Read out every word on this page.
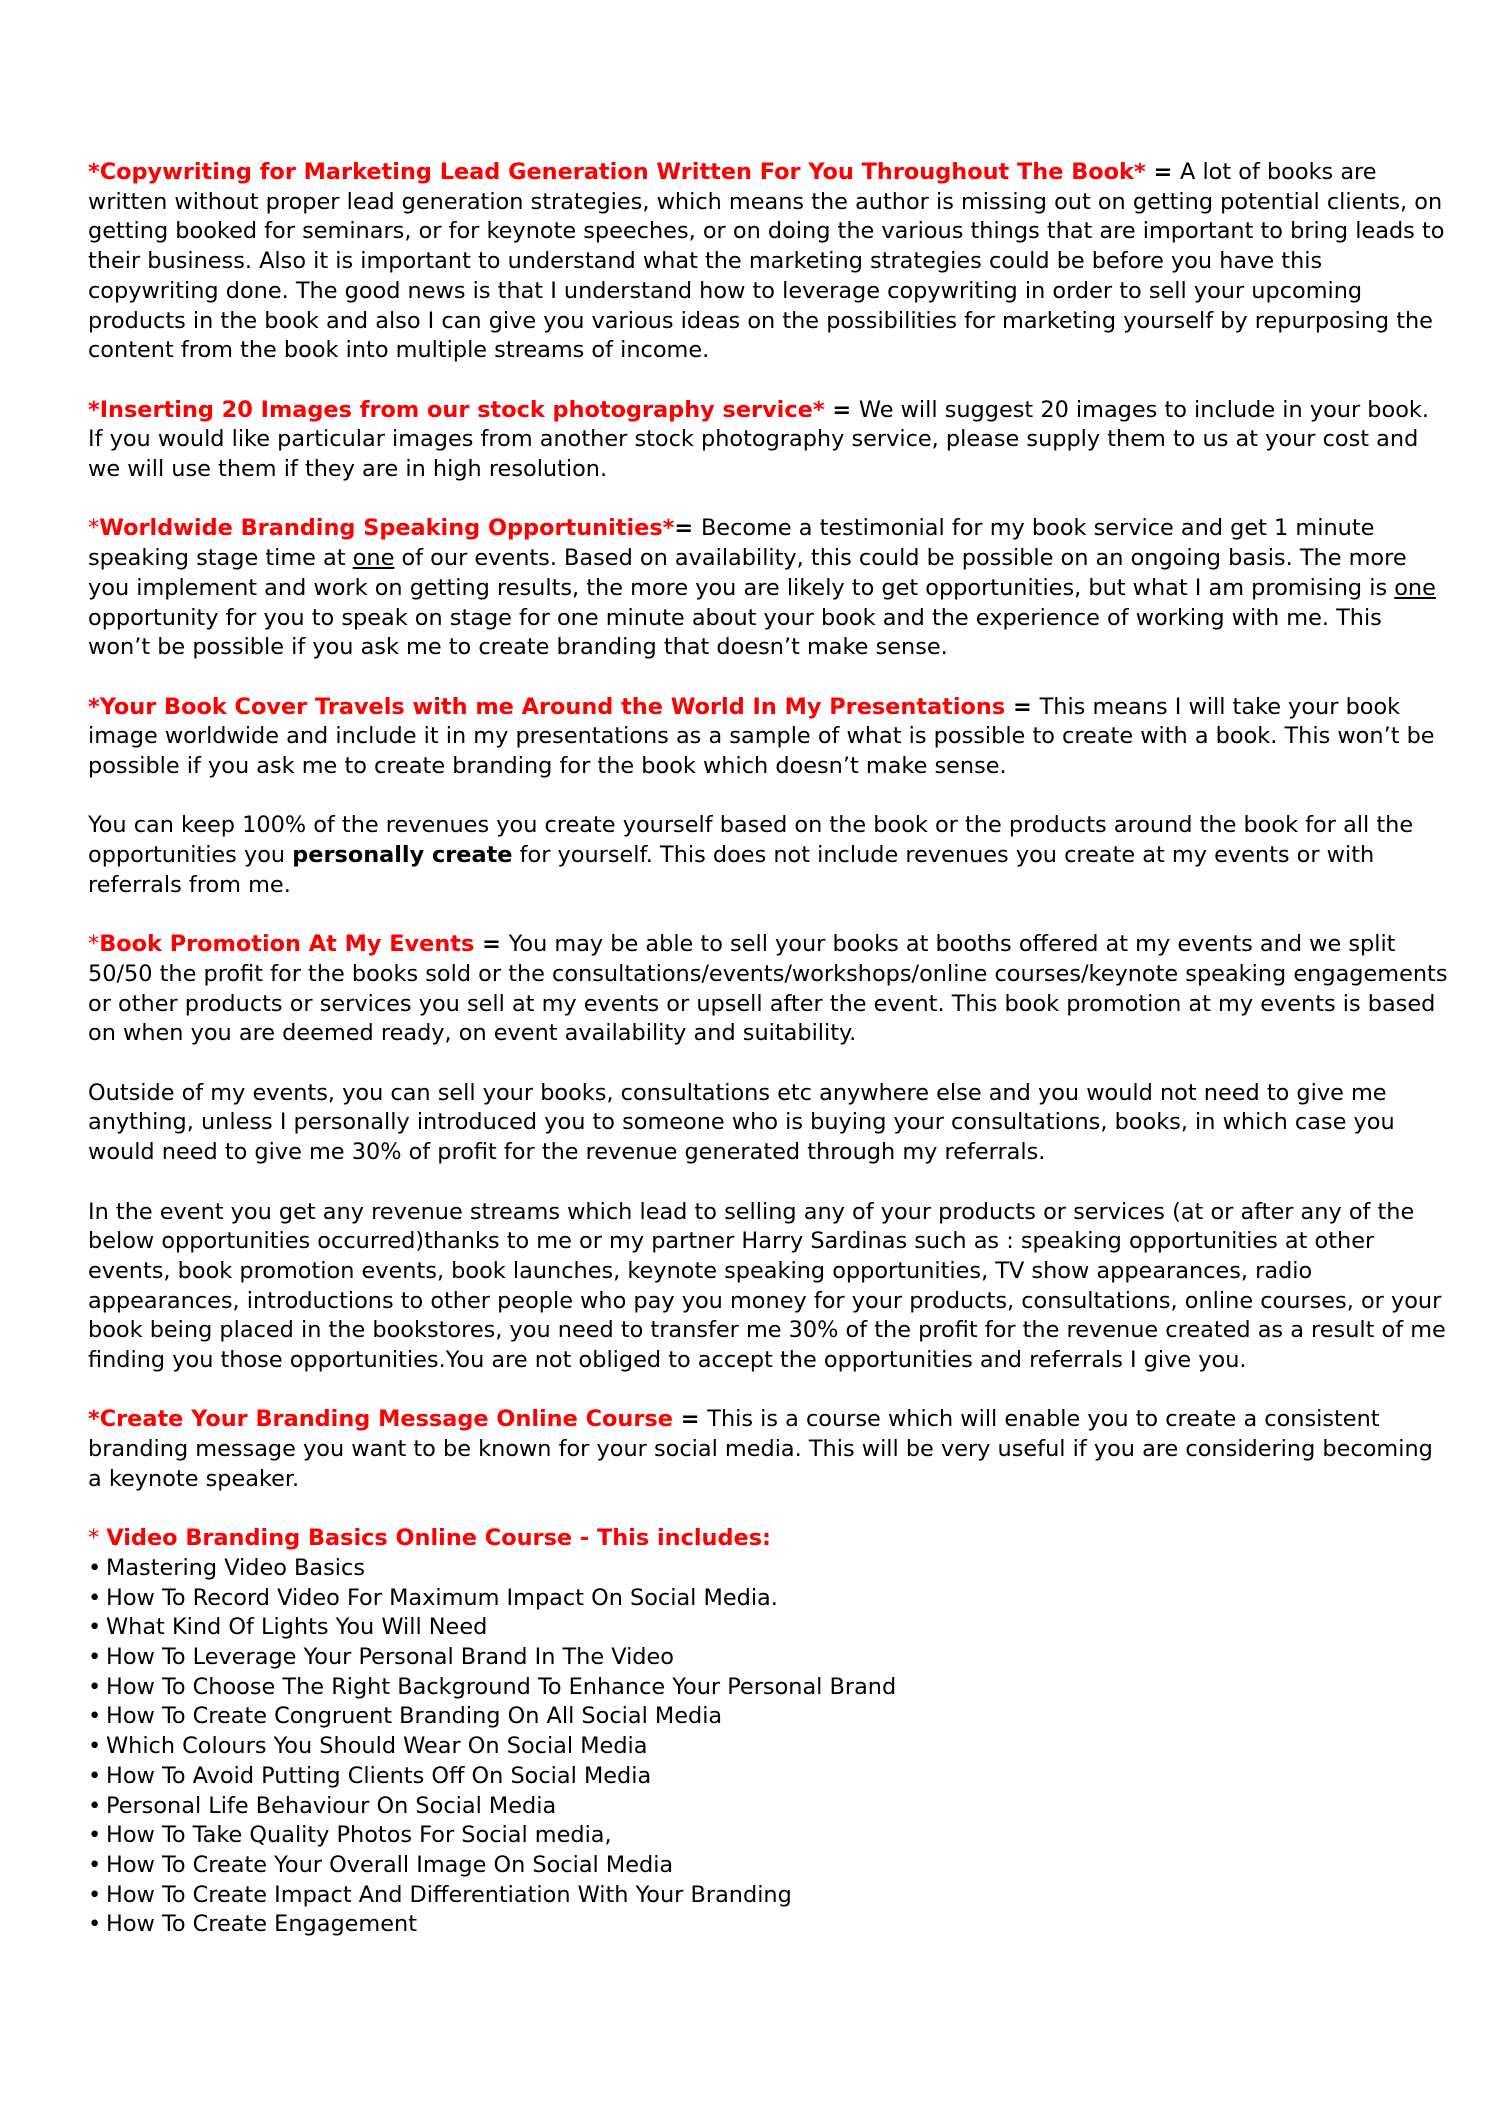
*Copywriting for Marketing Lead Generation Written For You Throughout The Book* = A lot of books are written without proper lead generation strategies, which means the author is missing out on getting potential clients, on getting booked for seminars, or for keynote speeches, or on doing the various things that are important to bring leads to their business. Also it is important to understand what the marketing strategies could be before you have this copywriting done. The good news is that I understand how to leverage copywriting in order to sell your upcoming products in the book and also I can give you various ideas on the possibilities for marketing yourself by repurposing the content from the book into multiple streams of income.

*Inserting 20 Images from our stock photography service* = We will suggest 20 images to include in your book. If you would like particular images from another stock photography service, please supply them to us at your cost and we will use them if they are in high resolution.

*Worldwide Branding Speaking Opportunities*= Become a testimonial for my book service and get 1 minute speaking stage time at one of our events. Based on availability, this could be possible on an ongoing basis. The more you implement and work on getting results, the more you are likely to get opportunities, but what I am promising is one opportunity for you to speak on stage for one minute about your book and the experience of working with me. This won’t be possible if you ask me to create branding that doesn’t make sense.

*Your Book Cover Travels with me Around the World In My Presentations = This means I will take your book image worldwide and include it in my presentations as a sample of what is possible to create with a book. This won’t be possible if you ask me to create branding for the book which doesn’t make sense.

You can keep 100% of the revenues you create yourself based on the book or the products around the book for all the opportunities you personally create for yourself. This does not include revenues you create at my events or with referrals from me.

*Book Promotion At My Events = You may be able to sell your books at booths offered at my events and we split 50/50 the profit for the books sold or the consultations/events/workshops/online courses/keynote speaking engagements or other products or services you sell at my events or upsell after the event. This book promotion at my events is based on when you are deemed ready, on event availability and suitability.

Outside of my events, you can sell your books, consultations etc anywhere else and you would not need to give me anything, unless I personally introduced you to someone who is buying your consultations, books, in which case you would need to give me 30% of profit for the revenue generated through my referrals.

In the event you get any revenue streams which lead to selling any of your products or services (at or after any of the below opportunities occurred)thanks to me or my partner Harry Sardinas such as : speaking opportunities at other events, book promotion events, book launches, keynote speaking opportunities, TV show appearances, radio appearances, introductions to other people who pay you money for your products, consultations, online courses, or your book being placed in the bookstores, you need to transfer me 30% of the profit for the revenue created as a result of me finding you those opportunities.You are not obliged to accept the opportunities and referrals I give you.

*Create Your Branding Message Online Course = This is a course which will enable you to create a consistent branding message you want to be known for your social media. This will be very useful if you are considering becoming a keynote speaker.

* Video Branding Basics Online Course - This includes:
• Mastering Video Basics
• How To Record Video For Maximum Impact On Social Media.
• What Kind Of Lights You Will Need
• How To Leverage Your Personal Brand In The Video
• How To Choose The Right Background To Enhance Your Personal Brand
• How To Create Congruent Branding On All Social Media
• Which Colours You Should Wear On Social Media
• How To Avoid Putting Clients Off On Social Media
• Personal Life Behaviour On Social Media
• How To Take Quality Photos For Social media,
• How To Create Your Overall Image On Social Media
• How To Create Impact And Differentiation With Your Branding
• How To Create Engagement
